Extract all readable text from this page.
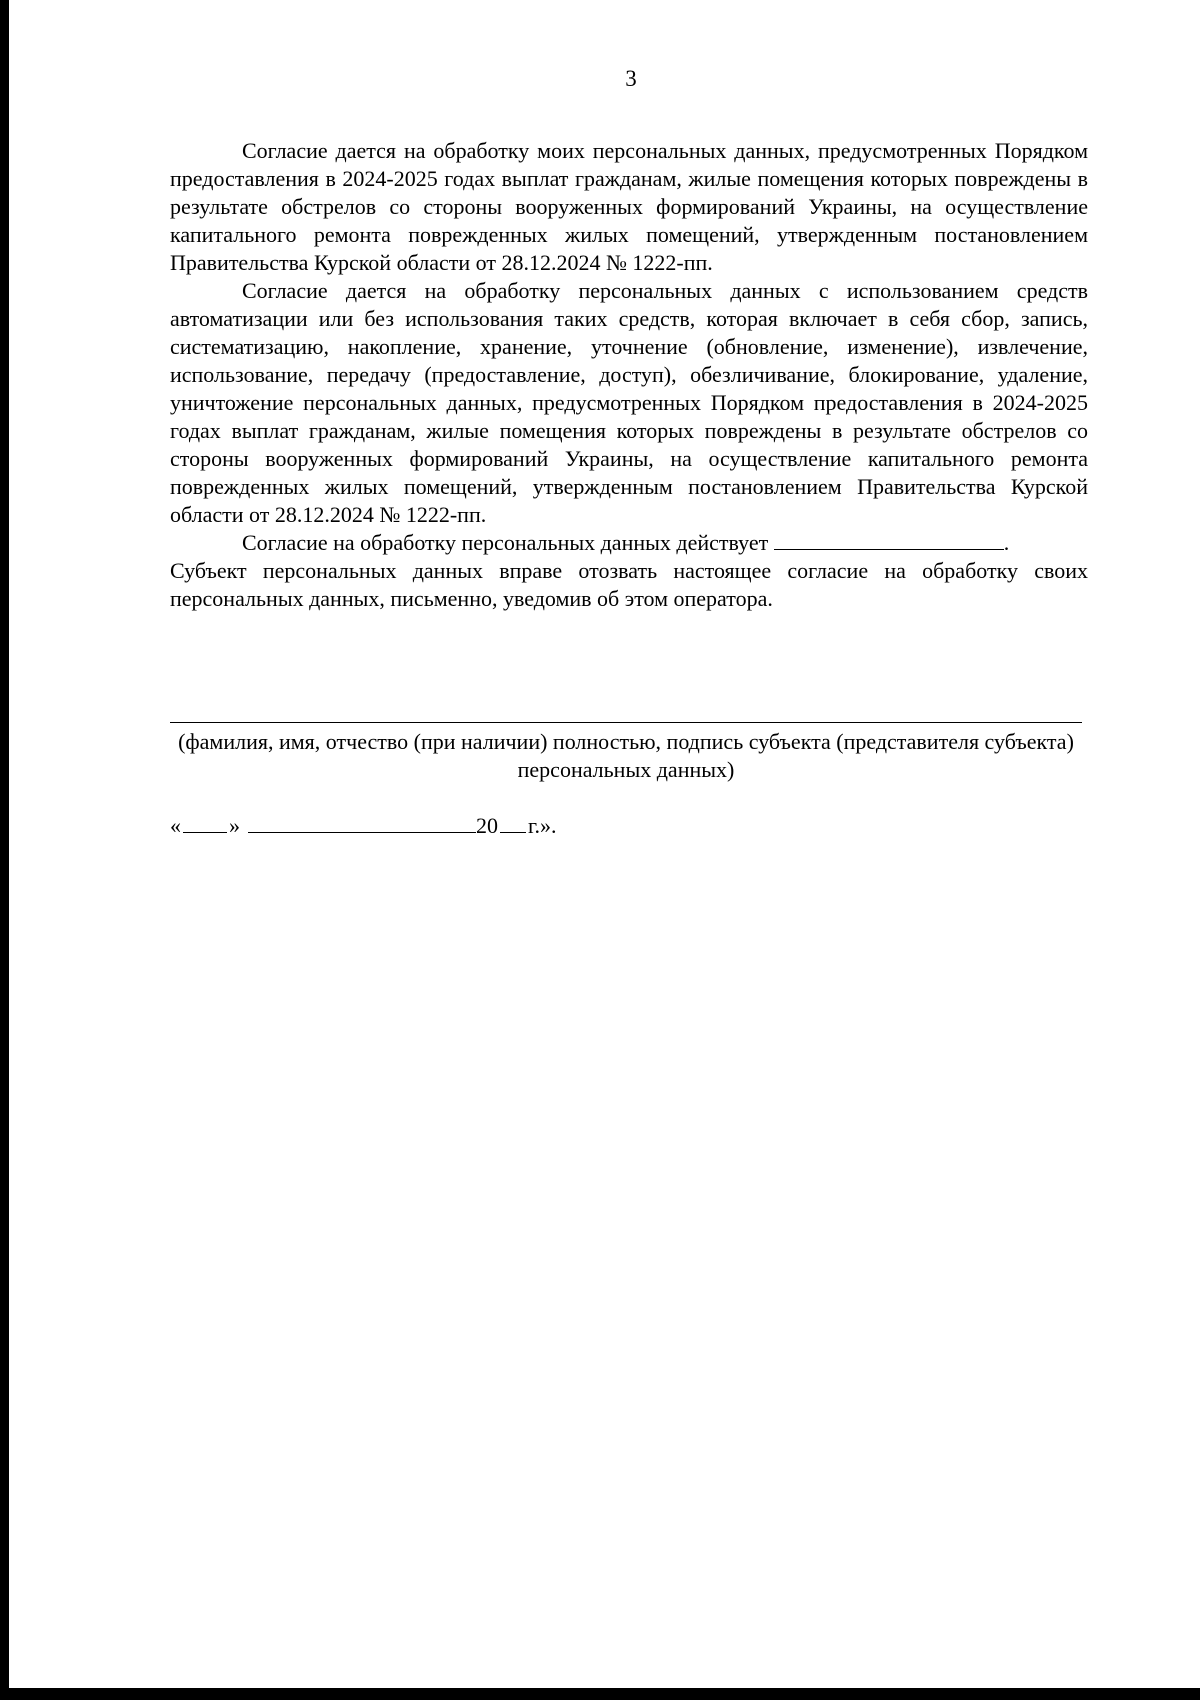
3

Согласие дается на обработку моих персональных данных, предусмотренных Порядком предоставления в 2024-2025 годах выплат гражданам, жилые помещения которых повреждены в результате обстрелов со стороны вооруженных формирований Украины, на осуществление капитального ремонта поврежденных жилых помещений, утвержденным постановлением Правительства Курской области от 28.12.2024 № 1222-пп.

Согласие дается на обработку персональных данных с использованием средств автоматизации или без использования таких средств, которая включает в себя сбор, запись, систематизацию, накопление, хранение, уточнение (обновление, изменение), извлечение, использование, передачу (предоставление, доступ), обезличивание, блокирование, удаление, уничтожение персональных данных, предусмотренных Порядком предоставления в 2024-2025 годах выплат гражданам, жилые помещения которых повреждены в результате обстрелов со стороны вооруженных формирований Украины, на осуществление капитального ремонта поврежденных жилых помещений, утвержденным постановлением Правительства Курской области от 28.12.2024 № 1222-пп.

Согласие на обработку персональных данных действует	.

Субъект персональных данных вправе отозвать настоящее согласие на обработку своих персональных данных, письменно, уведомив об этом оператора.

(фамилия, имя, отчество (при наличии) полностью, подпись субъекта (представителя субъекта) персональных данных)
« »	20 г.».
